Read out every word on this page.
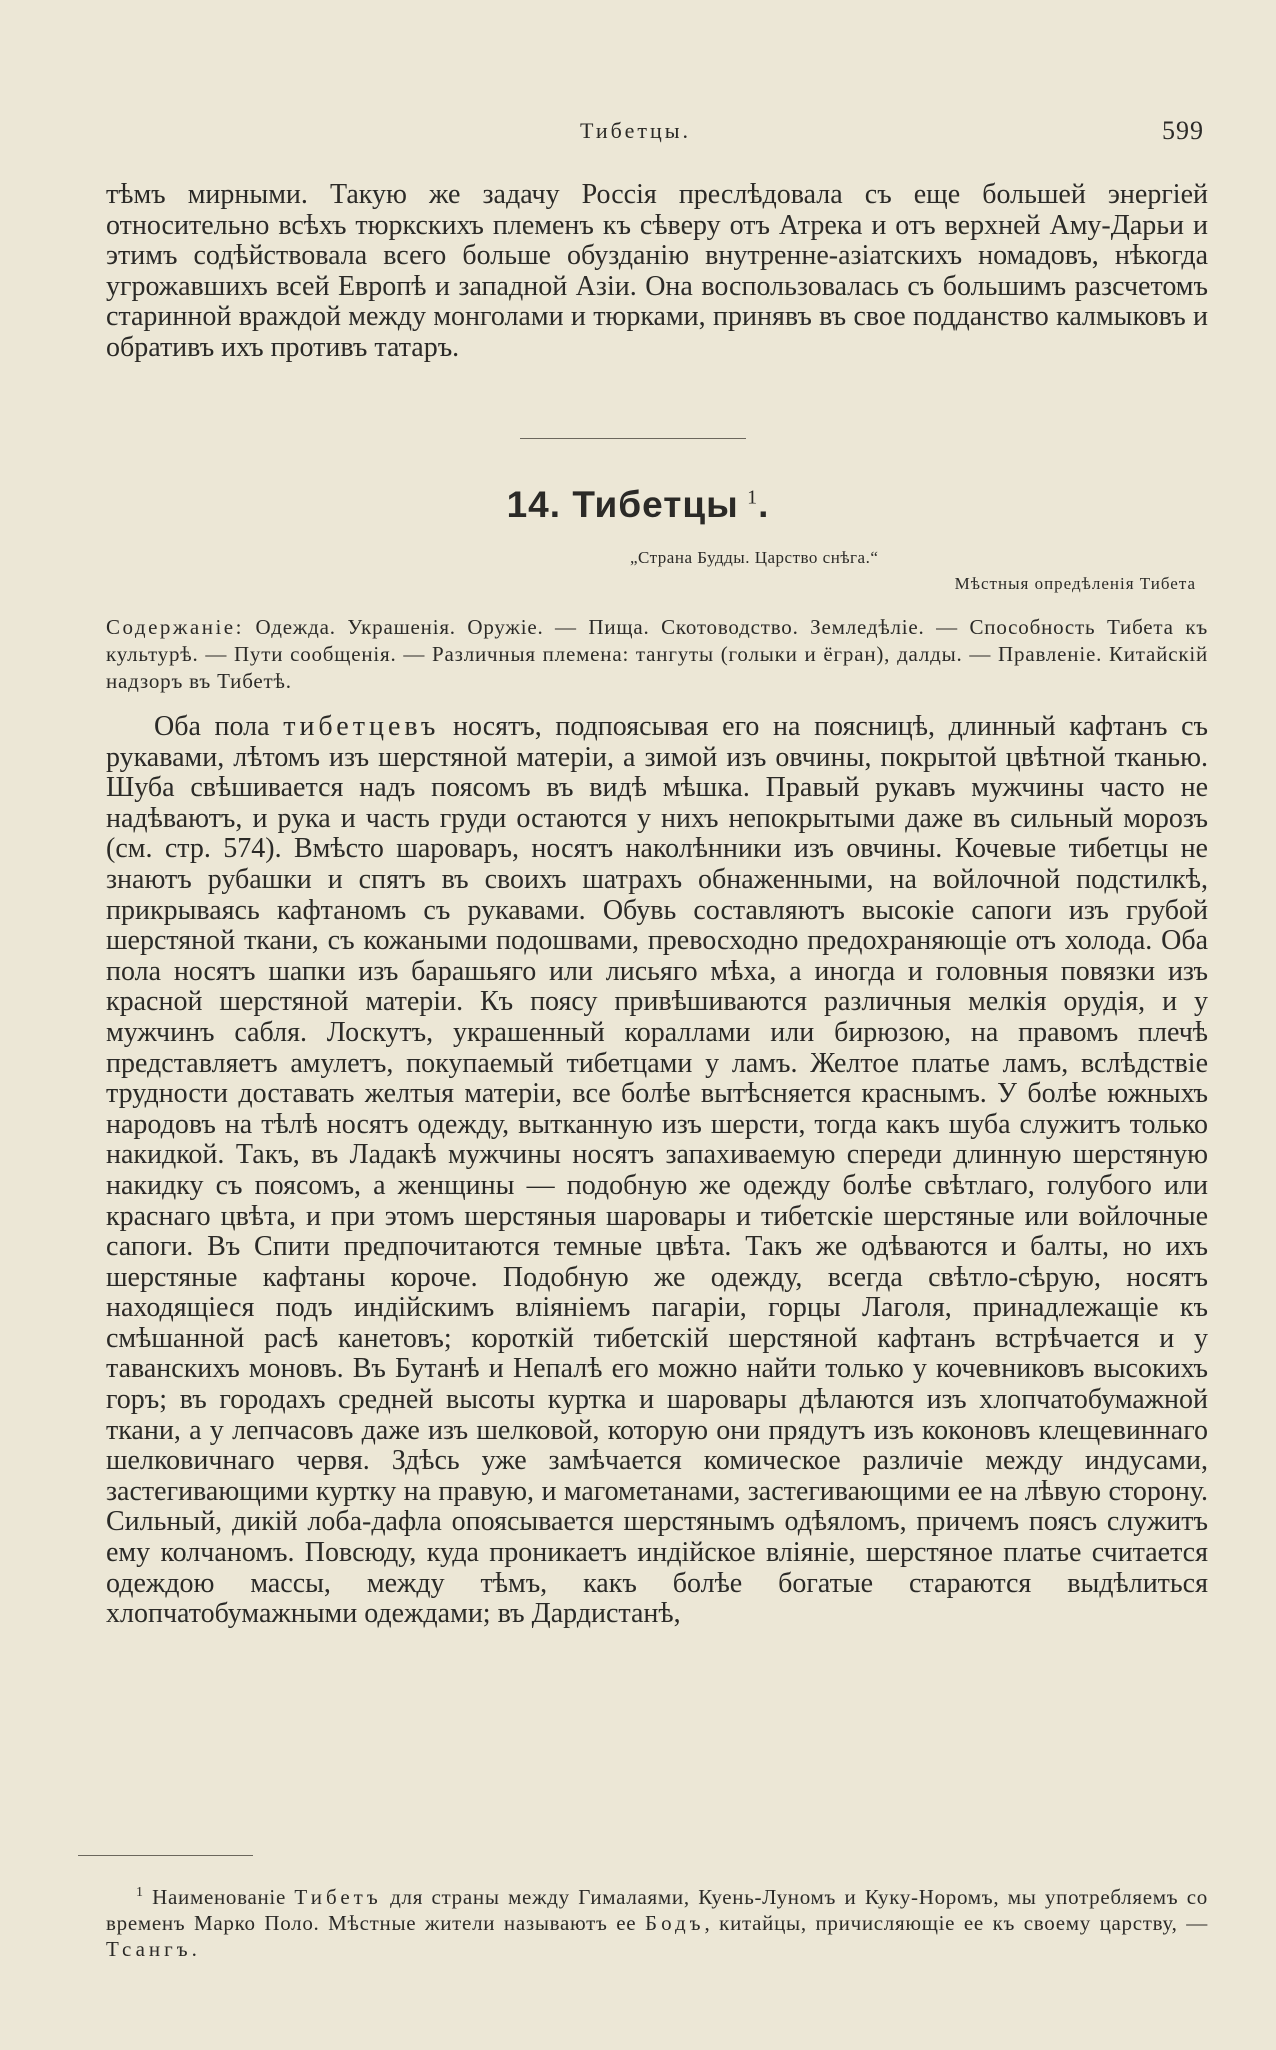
Тибетцы.	599

тѣмъ мирными. Такую же задачу Россія преслѣдовала съ еще большей энергіей относительно всѣхъ тюркскихъ племенъ къ сѣверу отъ Атрека и отъ верхней Аму-Дарьи и этимъ содѣйствовала всего больше обузданію внутренне-азіатскихъ номадовъ, нѣкогда угрожавшихъ всей Европѣ и западной Азіи. Она воспользовалась съ большимъ разсчетомъ старинной враждой между монголами и тюрками, принявъ въ свое подданство калмыковъ и обративъ ихъ противъ татаръ.

14. Тибетцы  $^1$.
„Страна Будды. Царство снѣга.“
Мѣстныя опредѣленія Тибета

Содержаніе: Одежда. Украшенія. Оружіе. — Пища. Скотоводство. Земледѣліе. — Способность Тибета къ культурѣ. — Пути сообщенія. — Различныя племена: тангуты (голыки и ёгран), далды. — Правленіе. Китайскій надзоръ въ Тибетѣ.

Оба пола тибетцевъ носятъ, подпоясывая его на поясницѣ, длинный кафтанъ съ рукавами, лѣтомъ изъ шерстяной матеріи, а зимой изъ овчины, покрытой цвѣтной тканью. Шуба свѣшивается надъ поясомъ въ видѣ мѣшка. Правый рукавъ мужчины часто не надѣваютъ, и рука и часть груди остаются у нихъ непокрытыми даже въ сильный морозъ (см. стр. 574). Вмѣсто шароваръ, носятъ наколѣнники изъ овчины. Кочевые тибетцы не знаютъ рубашки и спятъ въ своихъ шатрахъ обнаженными, на войлочной подстилкѣ, прикрываясь кафтаномъ съ рукавами. Обувь составляютъ высокіе сапоги изъ грубой шерстяной ткани, съ кожаными подошвами, превосходно предохраняющіе отъ холода. Оба пола носятъ шапки изъ барашьяго или лисьяго мѣха, а иногда и головныя повязки изъ красной шерстяной матеріи. Къ поясу привѣшиваются различныя мелкія орудія, и у мужчинъ сабля. Лоскутъ, украшенный кораллами или бирюзою, на правомъ плечѣ представляетъ амулетъ, покупаемый тибетцами у ламъ. Желтое платье ламъ, вслѣдствіе трудности доставать желтыя матеріи, все болѣе вытѣсняется краснымъ. У болѣе южныхъ народовъ на тѣлѣ носятъ одежду, вытканную изъ шерсти, тогда какъ шуба служитъ только накидкой. Такъ, въ Ладакѣ мужчины носятъ запахиваемую спереди длинную шерстяную накидку съ поясомъ, а женщины — подобную же одежду болѣе свѣтлаго, голубого или краснаго цвѣта, и при этомъ шерстяныя шаровары и тибетскіе шерстяные или войлочные сапоги. Въ Спити предпочитаются темные цвѣта. Такъ же одѣваются и балты, но ихъ шерстяные кафтаны короче. Подобную же одежду, всегда свѣтло-сѣрую, носятъ находящіеся подъ индійскимъ вліяніемъ пагаріи, горцы Лаголя, принадлежащіе къ смѣшанной расѣ канетовъ; короткій тибетскій шерстяной кафтанъ встрѣчается и у таванскихъ моновъ. Въ Бутанѣ и Непалѣ его можно найти только у кочевниковъ высокихъ горъ; въ городахъ средней высоты куртка и шаровары дѣлаются изъ хлопчатобумажной ткани, а у лепчасовъ даже изъ шелковой, которую они прядутъ изъ коконовъ клещевиннаго шелковичнаго червя. Здѣсь уже замѣчается комическое различіе между индусами, застегивающими куртку на правую, и магометанами, застегивающими ее на лѣвую сторону. Сильный, дикій лоба-дафла опоясывается шерстянымъ одѣяломъ, причемъ поясъ служитъ ему колчаномъ. Повсюду, куда проникаетъ индійское вліяніе, шерстяное платье считается одеждою массы, между тѣмъ, какъ болѣе богатые стараются выдѣлиться хлопчатобумажными одеждами; въ Дардистанѣ,

$^1$ Наименованіе Тибетъ для страны между Гималаями, Куень-Луномъ и Куку-Норомъ, мы употребляемъ со временъ Марко Поло. Мѣстные жители называютъ ее Бодъ, китайцы, причисляющіе ее къ своему царству, — Тсангъ.
